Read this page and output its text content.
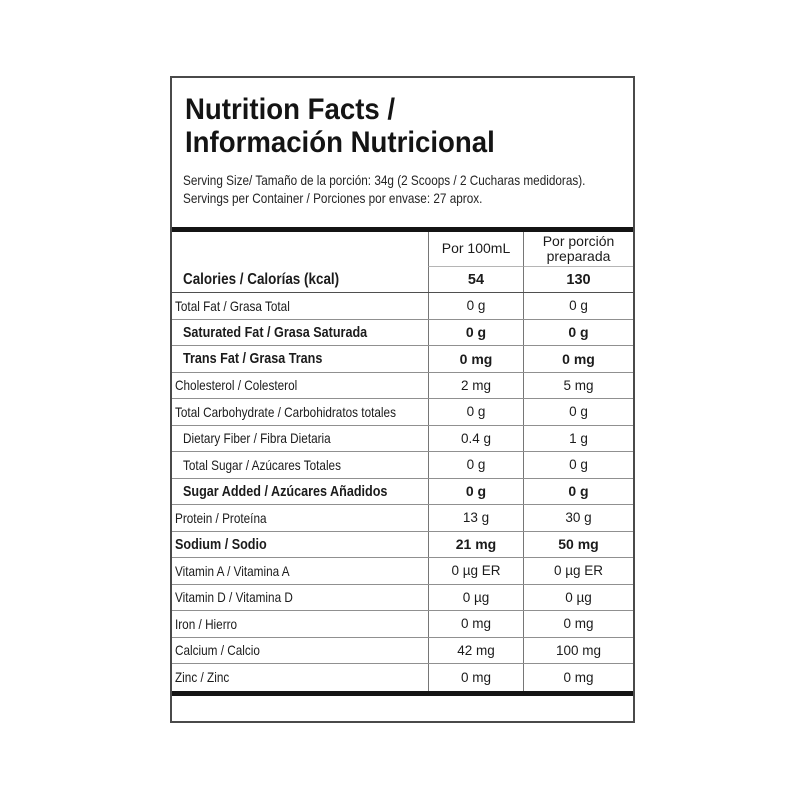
Nutrition Facts /
Información Nutricional
Serving Size/ Tamaño de la porción: 34g (2 Scoops / 2 Cucharas medidoras).
Servings per Container / Porciones por envase: 27 aprox.
Por 100mL	Por porción preparada
Calories / Calorías (kcal)	54	130
Total Fat / Grasa Total	0 g	0 g
Saturated Fat / Grasa Saturada	0 g	0 g
Trans Fat / Grasa Trans	0 mg	0 mg
Cholesterol / Colesterol	2 mg	5 mg
Total Carbohydrate / Carbohidratos totales	0 g	0 g
Dietary Fiber / Fibra Dietaria	0.4 g	1 g
Total Sugar / Azúcares Totales	0 g	0 g
Sugar Added / Azúcares Añadidos	0 g	0 g
Protein / Proteína	13 g	30 g
Sodium / Sodio	21 mg	50 mg
Vitamin A / Vitamina A	0 µg ER	0 µg ER
Vitamin D / Vitamina D	0 µg	0 µg
Iron / Hierro	0 mg	0 mg
Calcium / Calcio	42 mg	100 mg
Zinc / Zinc	0 mg	0 mg
